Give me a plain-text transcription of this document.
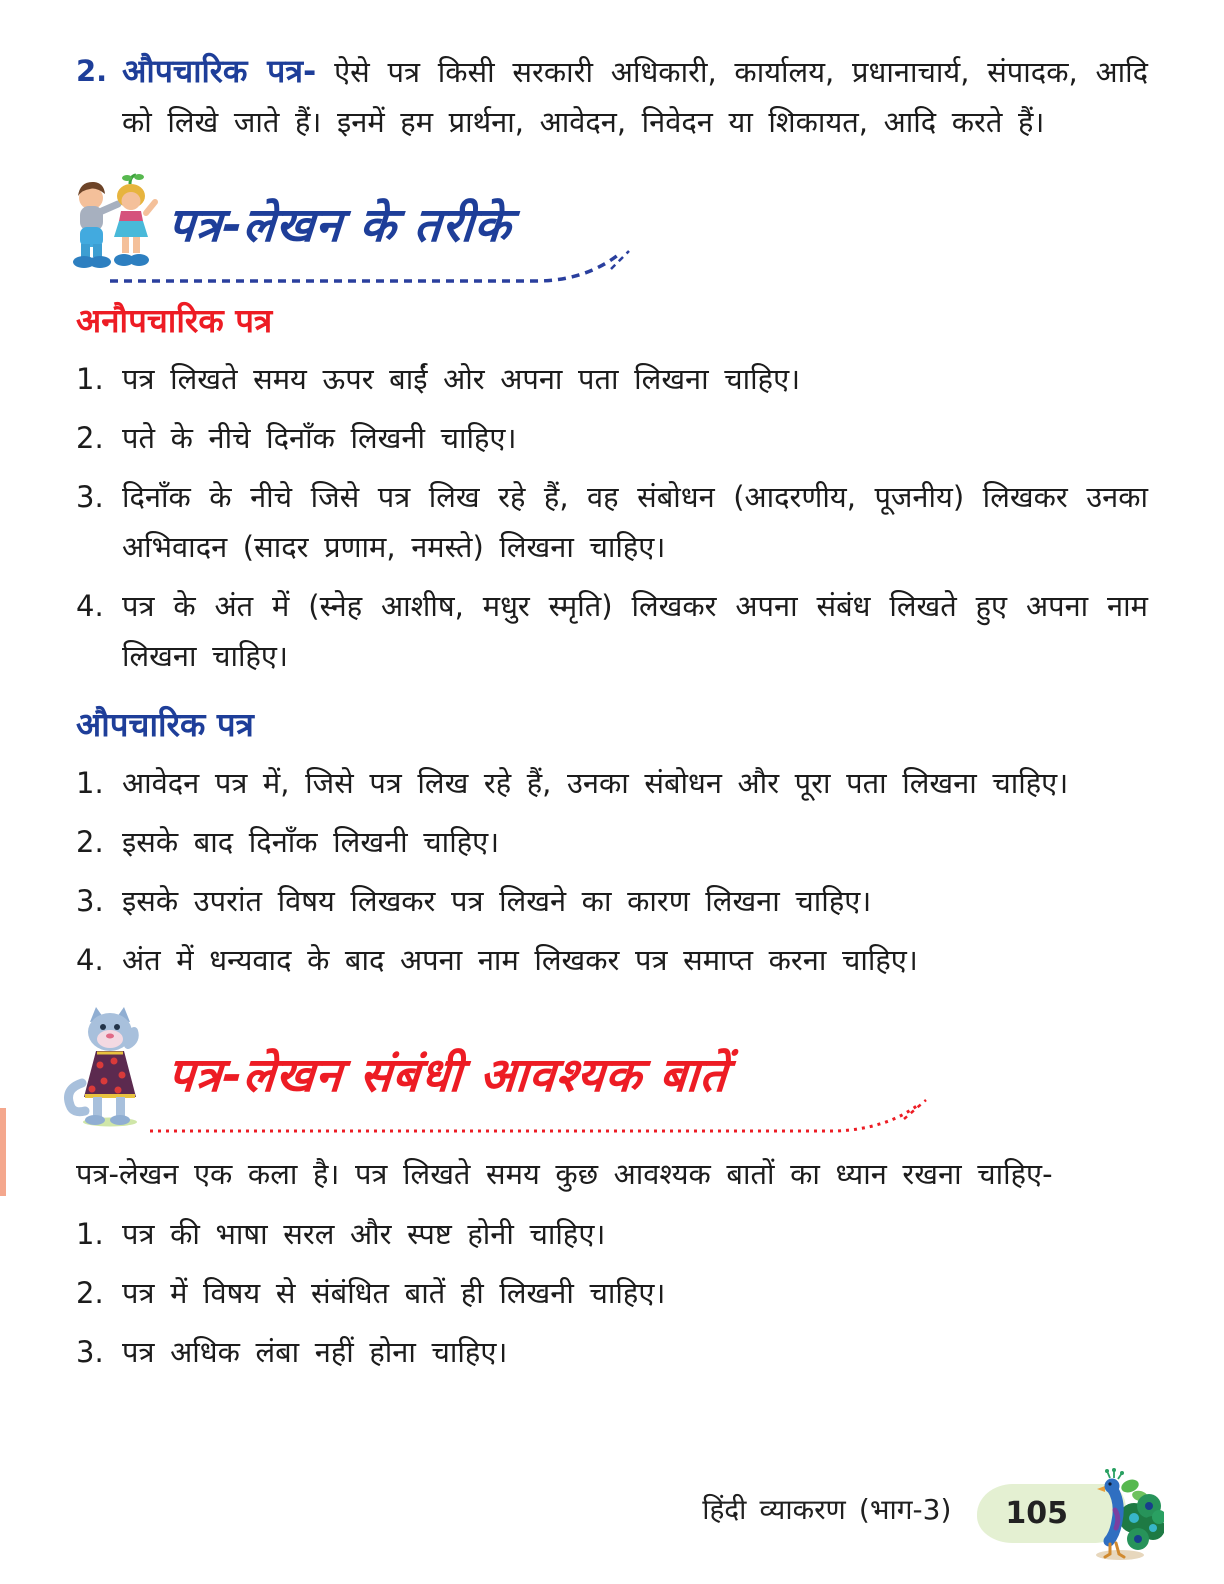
2. औपचारिक पत्र- ऐसे पत्र किसी सरकारी अधिकारी, कार्यालय, प्रधानाचार्य, संपादक, आदि को लिखे जाते हैं। इनमें हम प्रार्थना, आवेदन, निवेदन या शिकायत, आदि करते हैं।

पत्र-लेखन के तरीके
अनौपचारिक पत्र
1. पत्र लिखते समय ऊपर बाईं ओर अपना पता लिखना चाहिए।

2. पते के नीचे दिनाँक लिखनी चाहिए।

3. दिनाँक के नीचे जिसे पत्र लिख रहे हैं, वह संबोधन (आदरणीय, पूजनीय) लिखकर उनका अभिवादन (सादर प्रणाम, नमस्ते) लिखना चाहिए।

4. पत्र के अंत में (स्नेह आशीष, मधुर स्मृति) लिखकर अपना संबंध लिखते हुए अपना नाम लिखना चाहिए।

औपचारिक पत्र
1. आवेदन पत्र में, जिसे पत्र लिख रहे हैं, उनका संबोधन और पूरा पता लिखना चाहिए।

2. इसके बाद दिनाँक लिखनी चाहिए।

3. इसके उपरांत विषय लिखकर पत्र लिखने का कारण लिखना चाहिए।

4. अंत में धन्यवाद के बाद अपना नाम लिखकर पत्र समाप्त करना चाहिए।

पत्र-लेखन संबंधी आवश्यक बातें

पत्र-लेखन एक कला है। पत्र लिखते समय कुछ आवश्यक बातों का ध्यान रखना चाहिए-

1. पत्र की भाषा सरल और स्पष्ट होनी चाहिए।

2. पत्र में विषय से संबंधित बातें ही लिखनी चाहिए।

3. पत्र अधिक लंबा नहीं होना चाहिए।

हिंदी व्याकरण (भाग-3)	105
